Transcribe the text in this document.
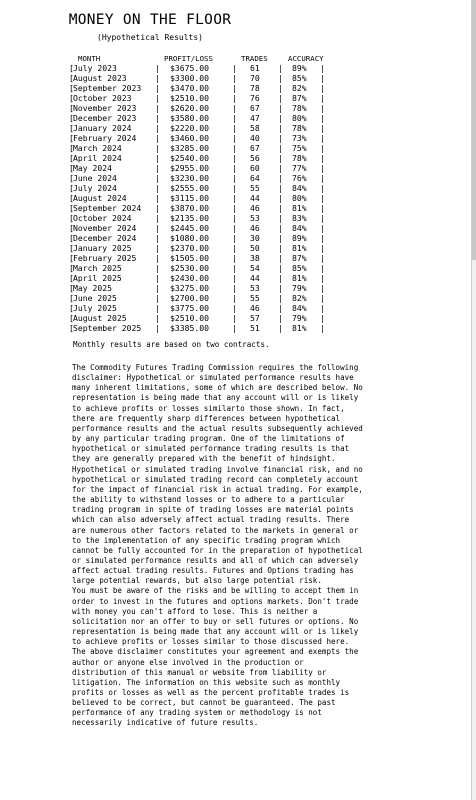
MONEY ON THE FLOOR
(Hypothetical Results)
MONTH	PROFIT/LOSS	TRADES	ACCURACY
[ July 2023	| $3675.00	| 61 | 89% |
[ August 2023	| $3300.00	| 70 | 85% |
[ September 2023 | $3470.00	| 78 | 82% |
[ October 2023	| $2510.00	| 76 | 87% |
[ November 2023 | $2620.00	| 67 | 78% |
[ December 2023 | $3580.00	| 47 | 80% |
[ January 2024	| $2220.00	| 58 | 78% |
[ February 2024 | $3460.00	| 40 | 73% |
[ March 2024	| $3285.00	| 67 | 75% |
[ April 2024	| $2540.00	| 56 | 78% |
[ May 2024	| $2955.00	| 60 | 77% |
[ June 2024	| $3230.00	| 64 | 76% |
[ July 2024	| $2555.00	| 55 | 84% |
[ August 2024	| $3115.00	| 44 | 80% |
[ September 2024 | $3870.00	| 46 | 81% |
[ October 2024	| $2135.00	| 53 | 83% |
[ November 2024 | $2445.00	| 46 | 84% |
[ December 2024 | $1080.00	| 30 | 89% |
[ January 2025	| $2370.00	| 50 | 81% |
[ February 2025 | $1505.00	| 38 | 87% |
[ March 2025	| $2530.00	| 54 | 85% |
[ April 2025	| $2430.00	| 44 | 81% |
[ May 2025	| $3275.00	| 53 | 79% |
[ June 2025	| $2700.00	| 55 | 82% |
[ July 2025	| $3775.00	| 46 | 84% |
[ August 2025	| $2510.00	| 57 | 79% |
[ September 2025 | $3385.00	| 51 | 81% |
Monthly results are based on two contracts.
The Commodity Futures Trading Commission requires the following
disclaimer: Hypothetical or simulated performance results have
many inherent limitations, some of which are described below. No
representation is being made that any account will or is likely
to achieve profits or losses similarto those shown. In fact,
there are frequently sharp differences between hypothetical
performance results and the actual results subsequently achieved
by any particular trading program. One of the limitations of
hypothetical or simulated performance trading results is that
they are generally prepared with the benefit of hindsight.
Hypothetical or simulated trading involve financial risk, and no
hypothetical or simulated trading record can completely account
for the impact of financial risk in actual trading. For example,
the ability to withstand losses or to adhere to a particular
trading program in spite of trading losses are material points
which can also adversely affect actual trading results. There
are numerous other factors related to the markets in general or
to the implementation of any specific trading program which
cannot be fully accounted for in the preparation of hypothetical
or simulated performance results and all of which can adversely
affect actual trading results. Futures and Options trading has
large potential rewards, but also large potential risk.
You must be aware of the risks and be willing to accept them in
order to invest in the futures and options markets. Don't trade
with money you can't afford to lose. This is neither a
solicitation nor an offer to buy or sell futures or options. No
representation is being made that any account will or is likely
to achieve profits or losses similar to those discussed here.
The above disclaimer constitutes your agreement and exempts the
author or anyone else involved in the production or
distribution of this manual or website from liability or
litigation. The information on this website such as monthly
profits or losses as well as the percent profitable trades is
believed to be correct, but cannot be guaranteed. The past
performance of any trading system or methodology is not
necessarily indicative of future results.
